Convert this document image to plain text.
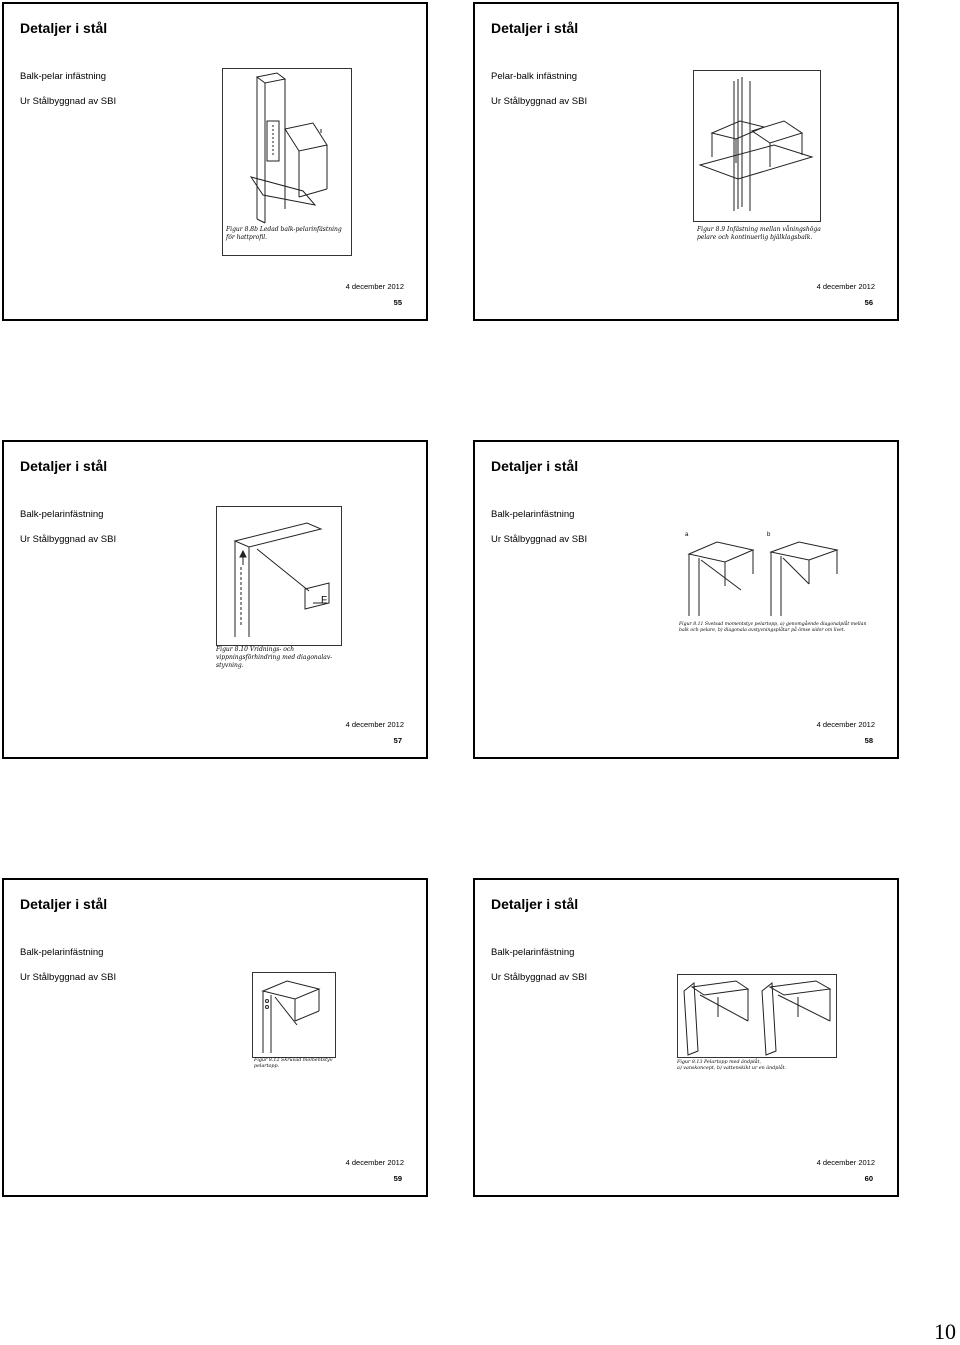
Detaljer i stål
Balk-pelar infästning
Ur Stålbyggnad av SBI
Figur 8.8b Ledad balk-pelarinfästning
för hattprofil.
4 december 2012
55
Detaljer i stål
Pelar-balk infästning
Ur Stålbyggnad av SBI
Figur 8.9 Infästning mellan våningshöga
pelare och kontinuerlig bjälklagsbalk.
4 december 2012
56
Detaljer i stål
Balk-pelarinfästning
Ur Stålbyggnad av SBI
F
Figur 8.10 Vridnings- och
vippningsförhindring med diagonalav-
styvning.
4 december 2012
57
Detaljer i stål
Balk-pelarinfästning
Ur Stålbyggnad av SBI	a	b
Figur 8.11 Svetsad momentstyv pelartopp, a) genomgående diagonalplåt mellan
balk och pelare, b) diagonala avstyvningsplåtar på ömse sidor om livet.
4 december 2012
58
Detaljer i stål
Balk-pelarinfästning
Ur Stålbyggnad av SBI
Figur 8.12 Skruvad momentstyv
pelartopp.
4 december 2012
59
Detaljer i stål
Balk-pelarinfästning
Ur Stålbyggnad av SBI
Figur 8.13 Pelartopp med ändplåt,
a) vanskoncept, b) vattenskikt ur en ändplåt.
4 december 2012
60
10
